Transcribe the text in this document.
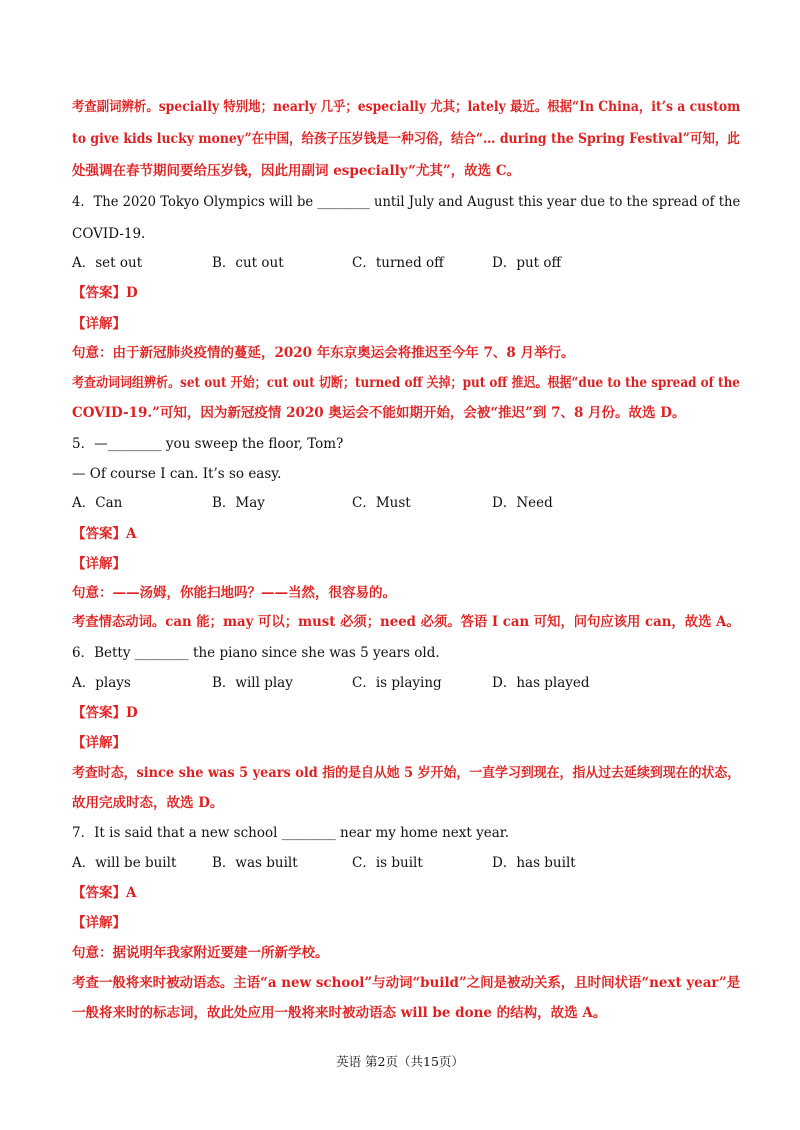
考查副词辨析。specially 特别地；nearly 几乎；especially 尤其；lately 最近。根据“In China，it’s a custom
to give kids lucky money”在中国，给孩子压岁钱是一种习俗，结合“… during the Spring Festival”可知，此
处强调在春节期间要给压岁钱，因此用副词 especially“尤其”，故选 C。
4．The 2020 Tokyo Olympics will be ________ until July and August this year due to the spread of the
COVID-19.
A．set out	B．cut out	C．turned off	D．put off
【答案】D
【详解】
句意：由于新冠肺炎疫情的蔓延，2020 年东京奥运会将推迟至今年 7、8 月举行。
考查动词词组辨析。set out 开始；cut out 切断；turned off 关掉；put off 推迟。根据“due to the spread of the
COVID-19.”可知，因为新冠疫情 2020 奥运会不能如期开始，会被“推迟”到 7、8 月份。故选 D。
5．—________ you sweep the floor, Tom?
— Of course I can. It’s so easy.
A．Can	B．May	C．Must	D．Need
【答案】A
【详解】
句意：——汤姆，你能扫地吗？——当然，很容易的。
考查情态动词。can 能；may 可以；must 必须；need 必须。答语 I can 可知，问句应该用 can，故选 A。
6．Betty ________ the piano since she was 5 years old.
A．plays	B．will play	C．is playing	D．has played
【答案】D
【详解】
考查时态，since she was 5 years old 指的是自从她 5 岁开始，一直学习到现在，指从过去延续到现在的状态，
故用完成时态，故选 D。
7．It is said that a new school ________ near my home next year.
A．will be built	B．was built	C．is built	D．has built
【答案】A
【详解】
句意：据说明年我家附近要建一所新学校。
考查一般将来时被动语态。主语“a new school”与动词“build”之间是被动关系，且时间状语“next year”是
一般将来时的标志词，故此处应用一般将来时被动语态 will be done 的结构，故选 A。
英语 第2页（共15页）
